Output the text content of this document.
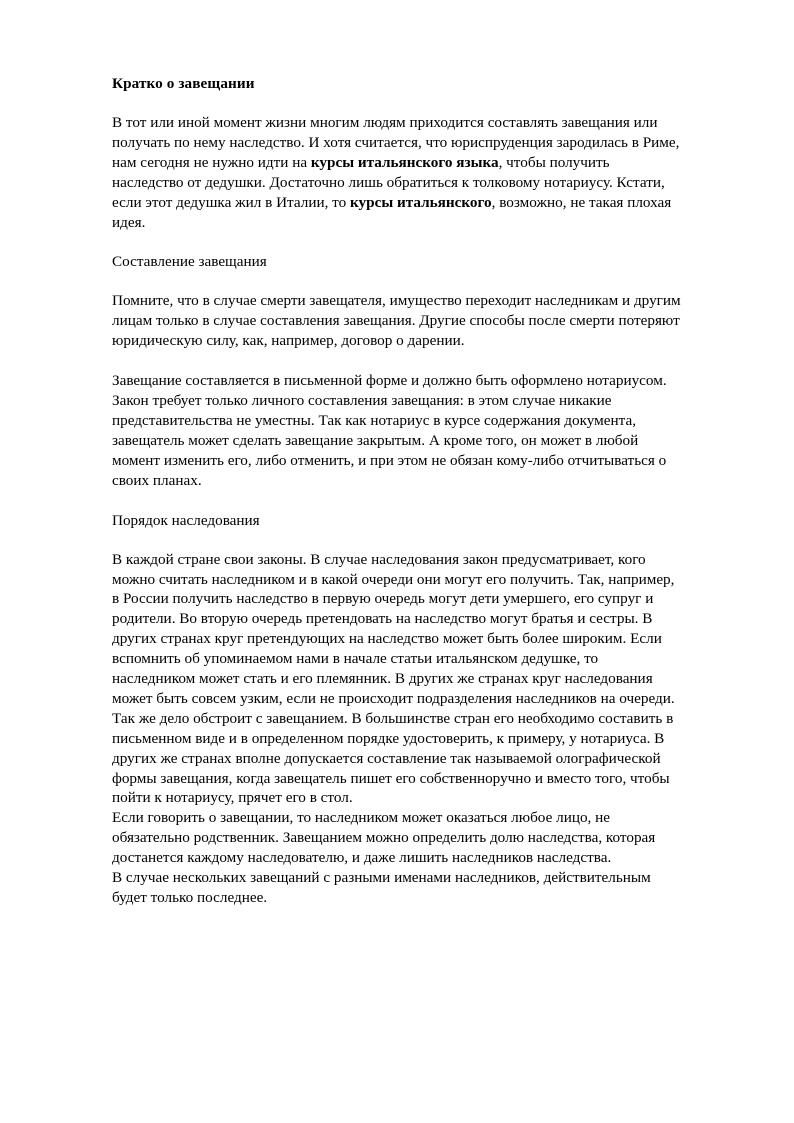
Кратко о завещании

В тот или иной момент жизни многим людям приходится составлять завещания или получать по нему наследство. И хотя считается, что юриспруденция зародилась в Риме, нам сегодня не нужно идти на курсы итальянского языка, чтобы получить наследство от дедушки. Достаточно лишь обратиться к толковому нотариусу. Кстати, если этот дедушка жил в Италии, то курсы итальянского, возможно, не такая плохая идея.

Составление завещания

Помните, что в случае смерти завещателя, имущество переходит наследникам и другим лицам только в случае составления завещания. Другие способы после смерти потеряют юридическую силу, как, например, договор о дарении.

Завещание составляется в письменной форме и должно быть оформлено нотариусом. Закон требует только личного составления завещания: в этом случае никакие представительства не уместны. Так как нотариус в курсе содержания документа, завещатель может сделать завещание закрытым. А кроме того, он может в любой момент изменить его, либо отменить, и при этом не обязан кому-либо отчитываться о своих планах.

Порядок наследования

В каждой стране свои законы. В случае наследования закон предусматривает, кого можно считать наследником и в какой очереди они могут его получить. Так, например, в России получить наследство в первую очередь могут дети умершего, его супруг и родители. Во вторую очередь претендовать на наследство могут братья и сестры. В других странах круг претендующих на наследство может быть более широким. Если вспомнить об упоминаемом нами в начале статьи итальянском дедушке, то наследником может стать и его племянник. В других же странах круг наследования может быть совсем узким, если не происходит подразделения наследников на очереди.

Так же дело обстроит с завещанием. В большинстве стран его необходимо составить в письменном виде и в определенном порядке удостоверить, к примеру, у нотариуса. В других же странах вполне допускается составление так называемой олографической формы завещания, когда завещатель пишет его собственноручно и вместо того, чтобы пойти к нотариусу, прячет его в стол.

Если говорить о завещании, то наследником может оказаться любое лицо, не обязательно родственник. Завещанием можно определить долю наследства, которая достанется каждому наследователю, и даже лишить наследников наследства.

В случае нескольких завещаний с разными именами наследников, действительным будет только последнее.
